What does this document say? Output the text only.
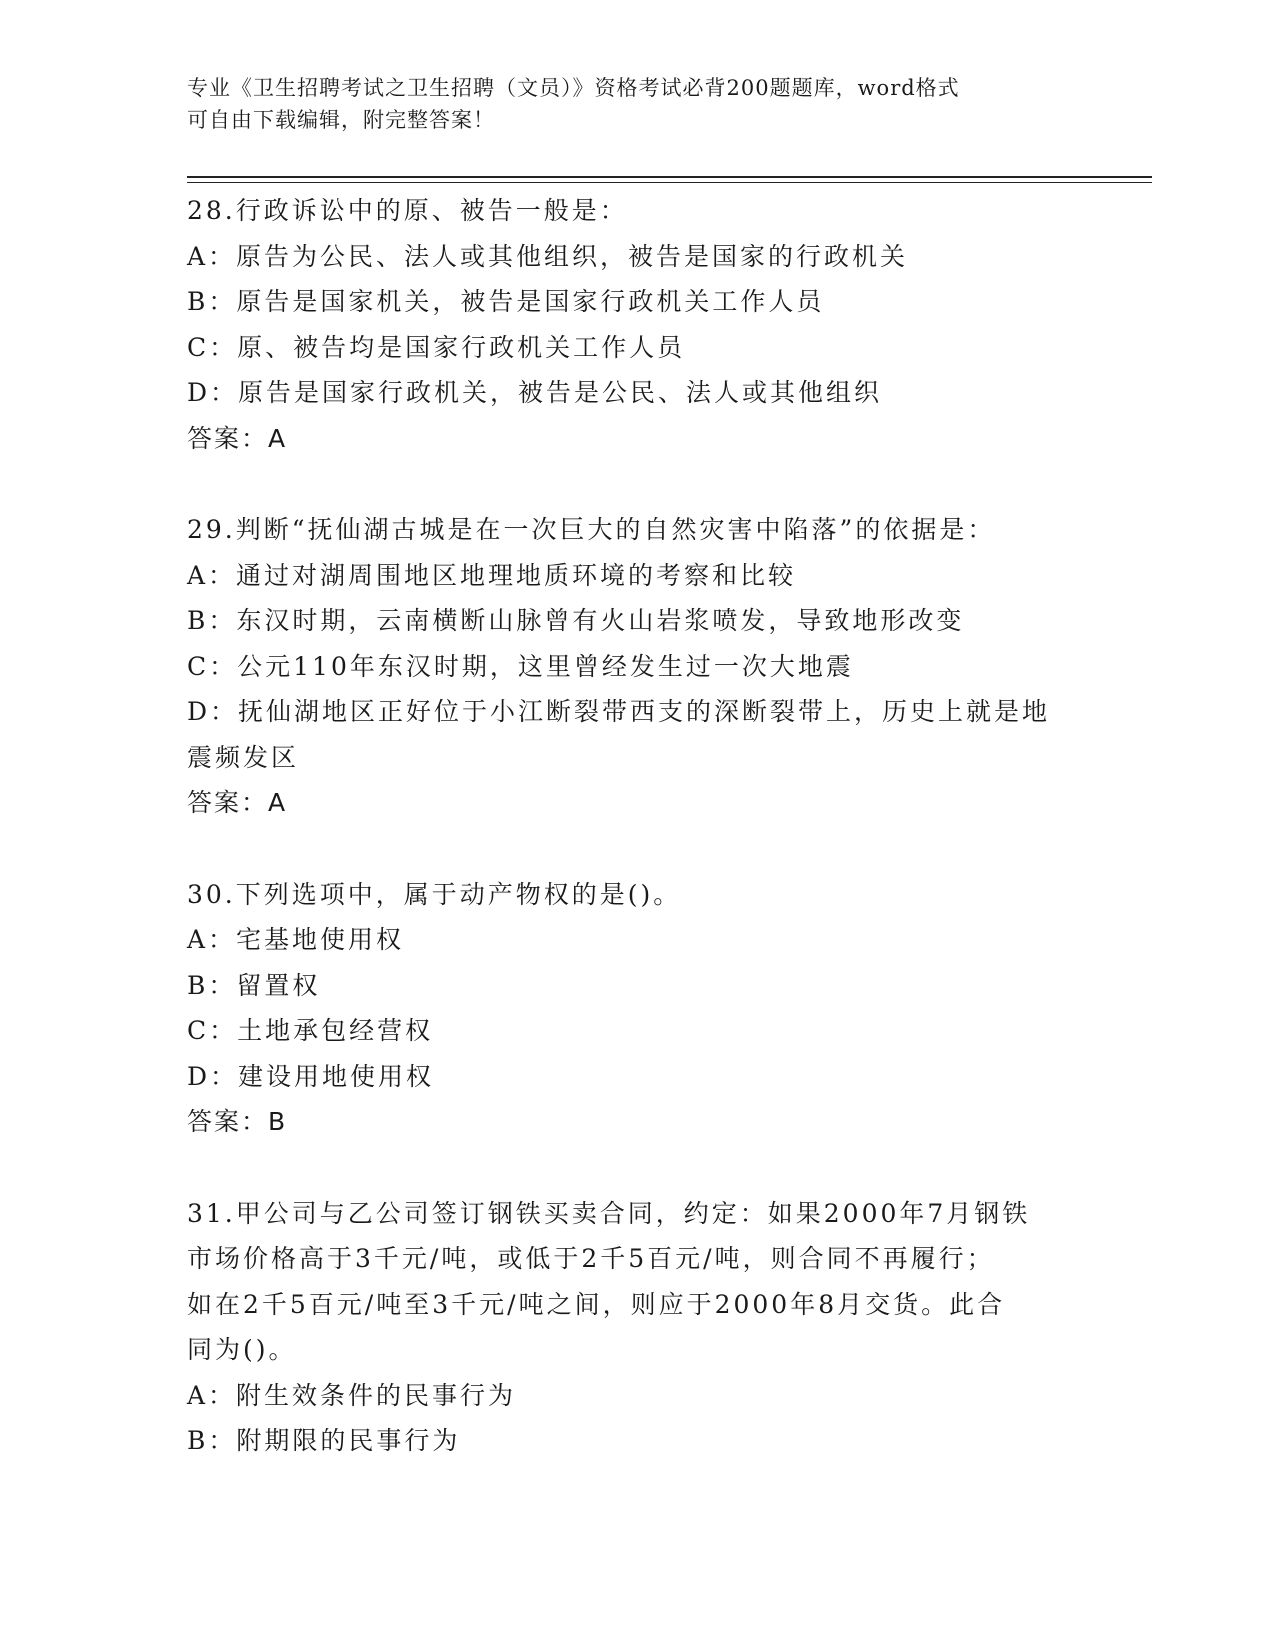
专业《卫生招聘考试之卫生招聘（文员）》资格考试必背200题题库，word格式
可自由下载编辑，附完整答案！
28.行政诉讼中的原、被告一般是：
A：原告为公民、法人或其他组织，被告是国家的行政机关
B：原告是国家机关，被告是国家行政机关工作人员
C：原、被告均是国家行政机关工作人员
D：原告是国家行政机关，被告是公民、法人或其他组织
答案：A
29.判断“抚仙湖古城是在一次巨大的自然灾害中陷落”的依据是：
A：通过对湖周围地区地理地质环境的考察和比较
B：东汉时期，云南横断山脉曾有火山岩浆喷发，导致地形改变
C：公元110年东汉时期，这里曾经发生过一次大地震
D：抚仙湖地区正好位于小江断裂带西支的深断裂带上，历史上就是地
震频发区
答案：A
30.下列选项中，属于动产物权的是()。
A：宅基地使用权
B：留置权
C：土地承包经营权
D：建设用地使用权
答案：B
31.甲公司与乙公司签订钢铁买卖合同，约定：如果2000年7月钢铁
市场价格高于3千元/吨，或低于2千5百元/吨，则合同不再履行；
如在2千5百元/吨至3千元/吨之间，则应于2000年8月交货。此合
同为()。
A：附生效条件的民事行为
B：附期限的民事行为
